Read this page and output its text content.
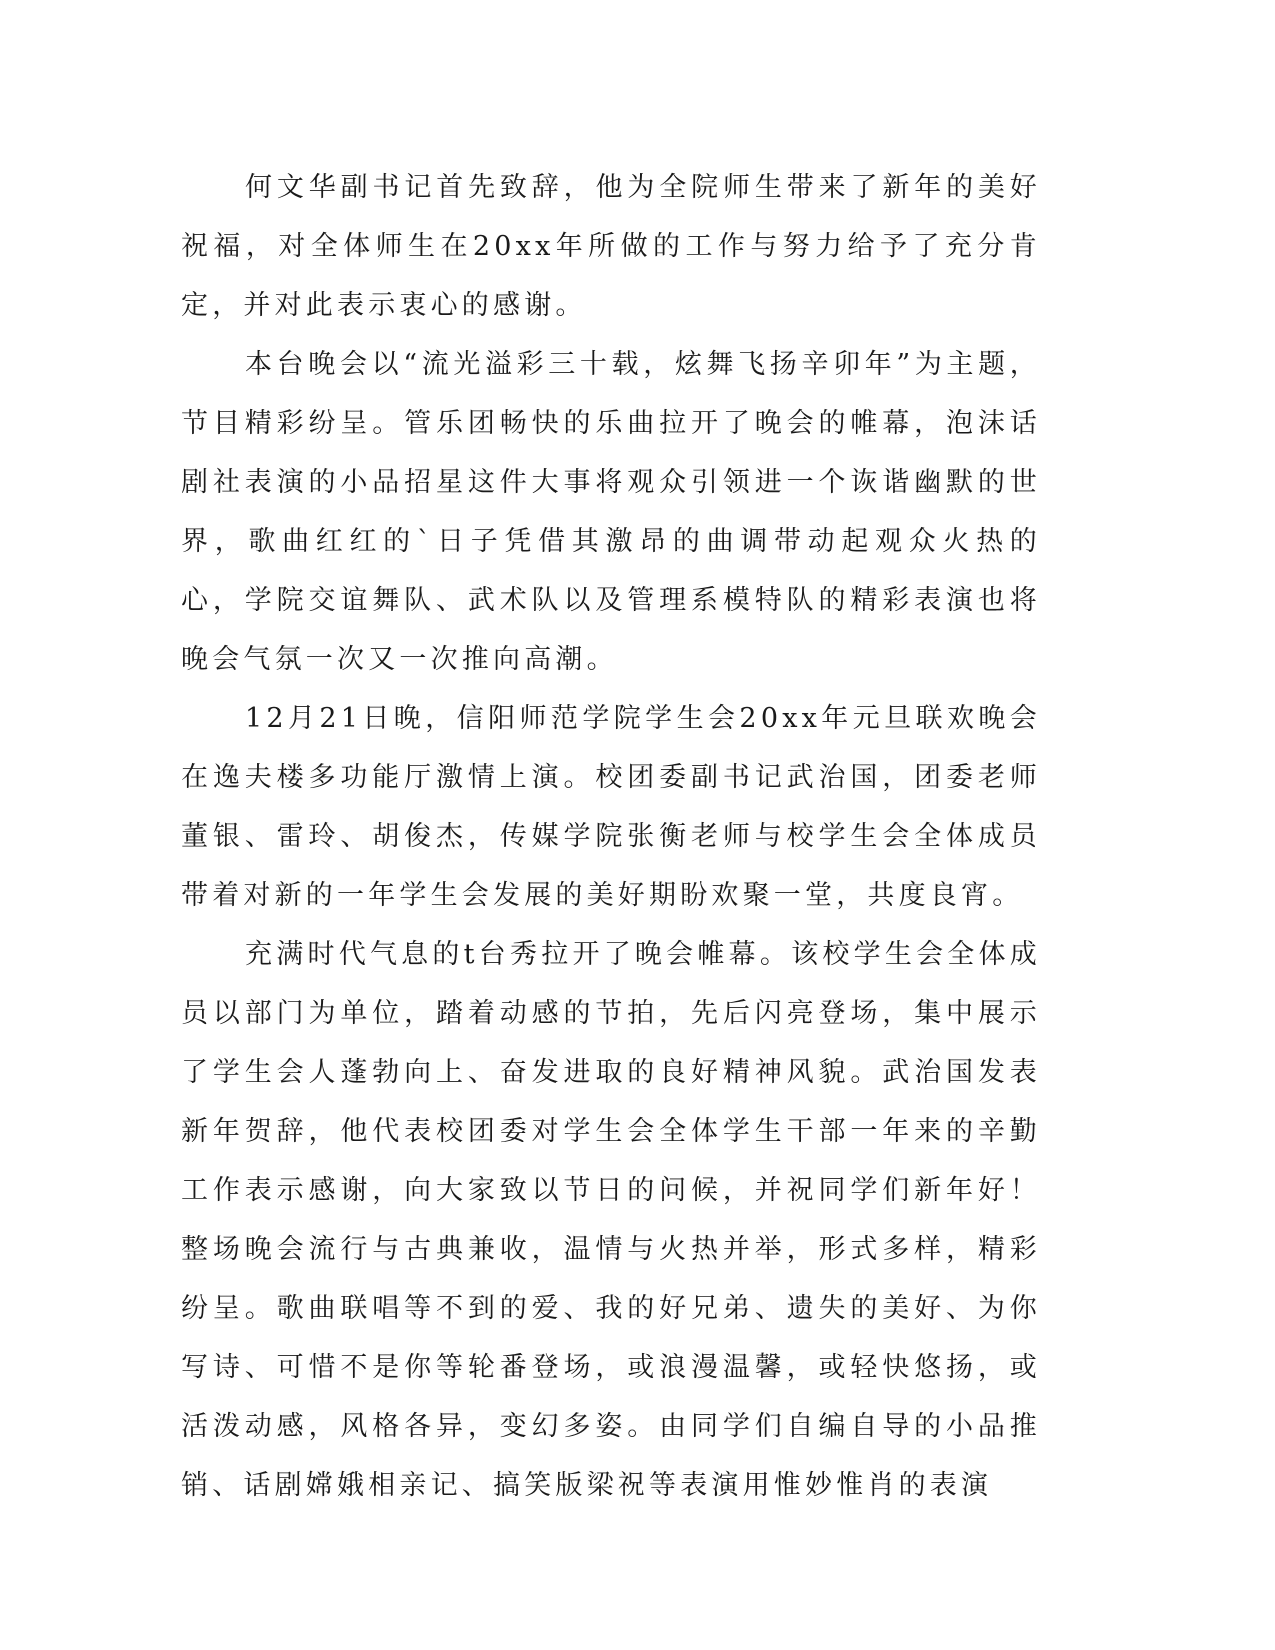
何文华副书记首先致辞，他为全院师生带来了新年的美好祝福，对全体师生在20xx年所做的工作与努力给予了充分肯定，并对此表示衷心的感谢。

本台晚会以“流光溢彩三十载，炫舞飞扬辛卯年”为主题，节目精彩纷呈。管乐团畅快的乐曲拉开了晚会的帷幕，泡沫话剧社表演的小品招星这件大事将观众引领进一个诙谐幽默的世界，歌曲红红的`日子凭借其激昂的曲调带动起观众火热的心，学院交谊舞队、武术队以及管理系模特队的精彩表演也将晚会气氛一次又一次推向高潮。

12月21日晚，信阳师范学院学生会20xx年元旦联欢晚会在逸夫楼多功能厅激情上演。校团委副书记武治国，团委老师董银、雷玲、胡俊杰，传媒学院张衡老师与校学生会全体成员带着对新的一年学生会发展的美好期盼欢聚一堂，共度良宵。

充满时代气息的t台秀拉开了晚会帷幕。该校学生会全体成员以部门为单位，踏着动感的节拍，先后闪亮登场，集中展示了学生会人蓬勃向上、奋发进取的良好精神风貌。武治国发表新年贺辞，他代表校团委对学生会全体学生干部一年来的辛勤工作表示感谢，向大家致以节日的问候，并祝同学们新年好！整场晚会流行与古典兼收，温情与火热并举，形式多样，精彩纷呈。歌曲联唱等不到的爱、我的好兄弟、遗失的美好、为你写诗、可惜不是你等轮番登场，或浪漫温馨，或轻快悠扬，或活泼动感，风格各异，变幻多姿。由同学们自编自导的小品推销、话剧嫦娥相亲记、搞笑版梁祝等表演用惟妙惟肖的表演
